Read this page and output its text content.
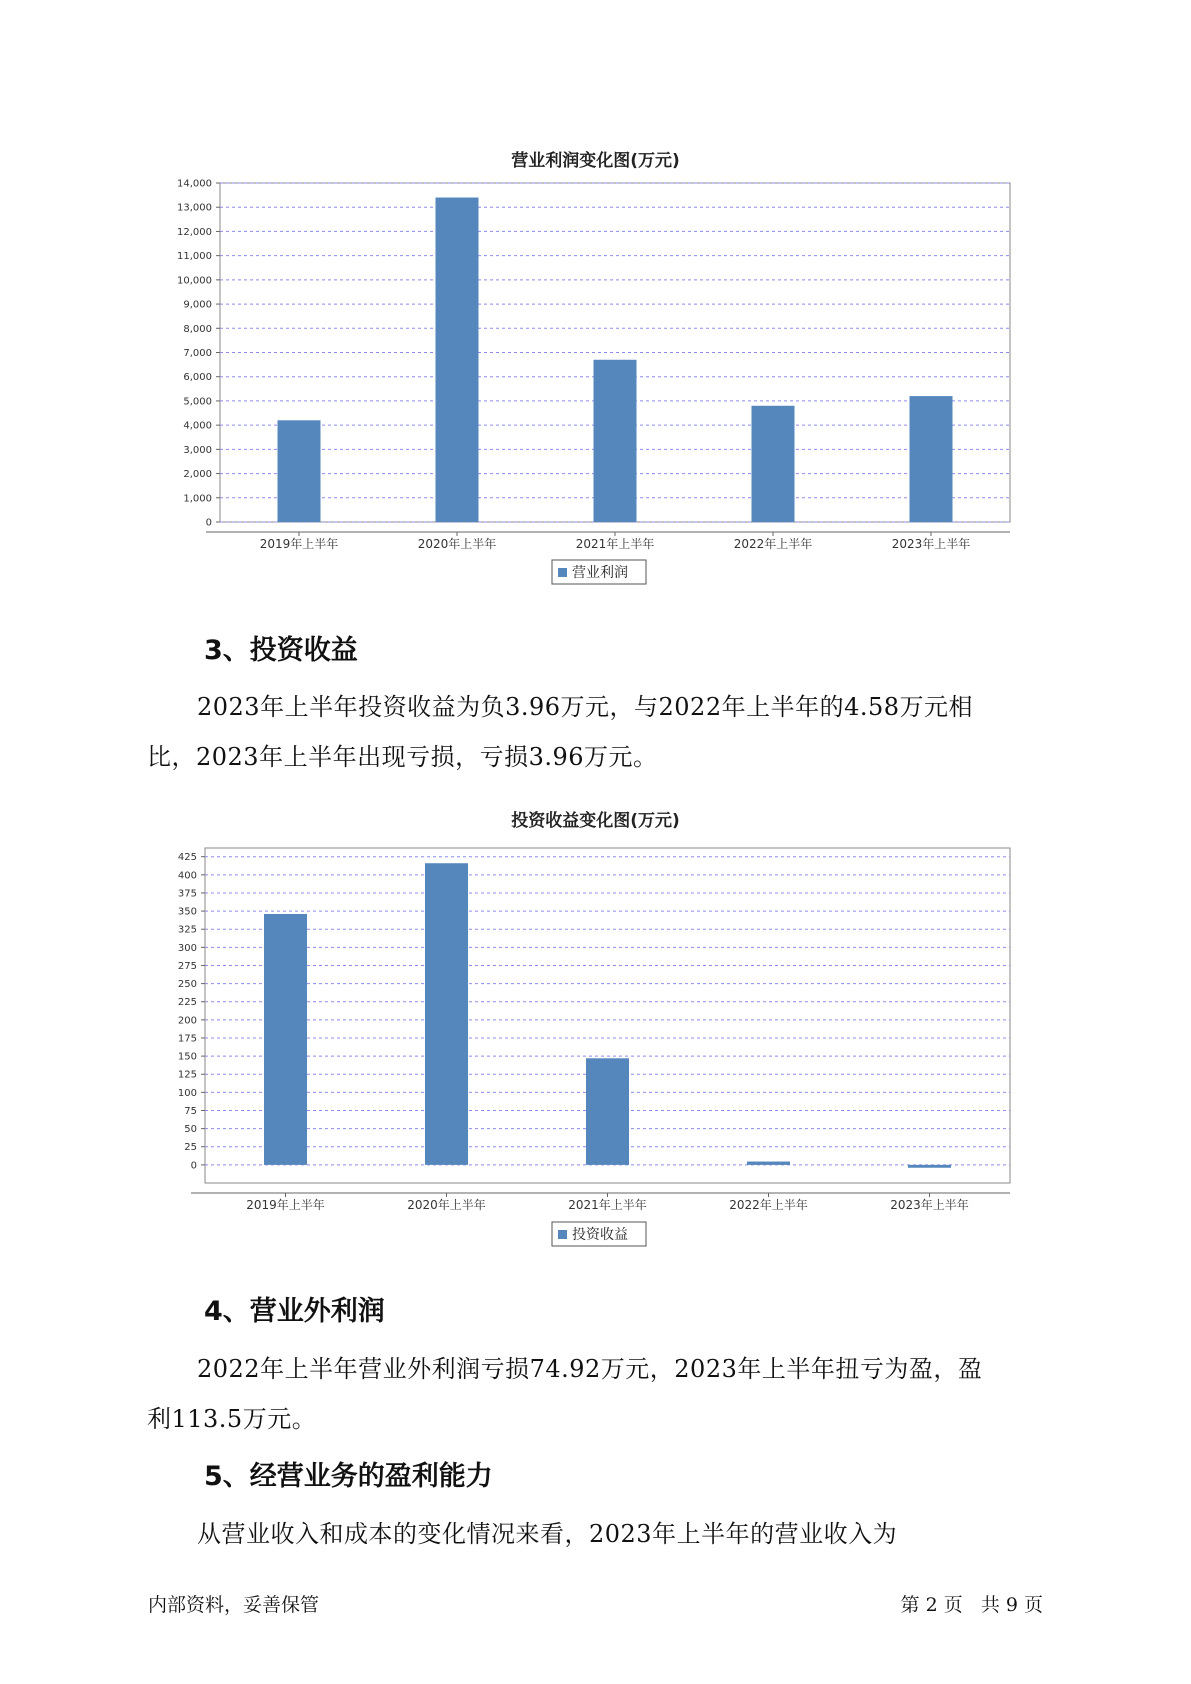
营业利润变化图(万元)
0
1,000
2,000
3,000
4,000
5,000
6,000
7,000
8,000
9,000
10,000
11,000
12,000
13,000
14,000
2019年上半年	2020年上半年	2021年上半年	2022年上半年	2023年上半年
营业利润
3、投资收益

2023年上半年投资收益为负3.96万元，与2022年上半年的4.58万元相
比，2023年上半年出现亏损，亏损3.96万元。

投资收益变化图(万元)
0
25
50
75
100
125
150
175
200
225
250
275
300
325
350
375
400
425
2019年上半年	2020年上半年	2021年上半年	2022年上半年	2023年上半年
投资收益
4、营业外利润

2022年上半年营业外利润亏损74.92万元，2023年上半年扭亏为盈，盈
利113.5万元。

5、经营业务的盈利能力

从营业收入和成本的变化情况来看，2023年上半年的营业收入为

内部资料，妥善保管	第 2 页   共 9 页
